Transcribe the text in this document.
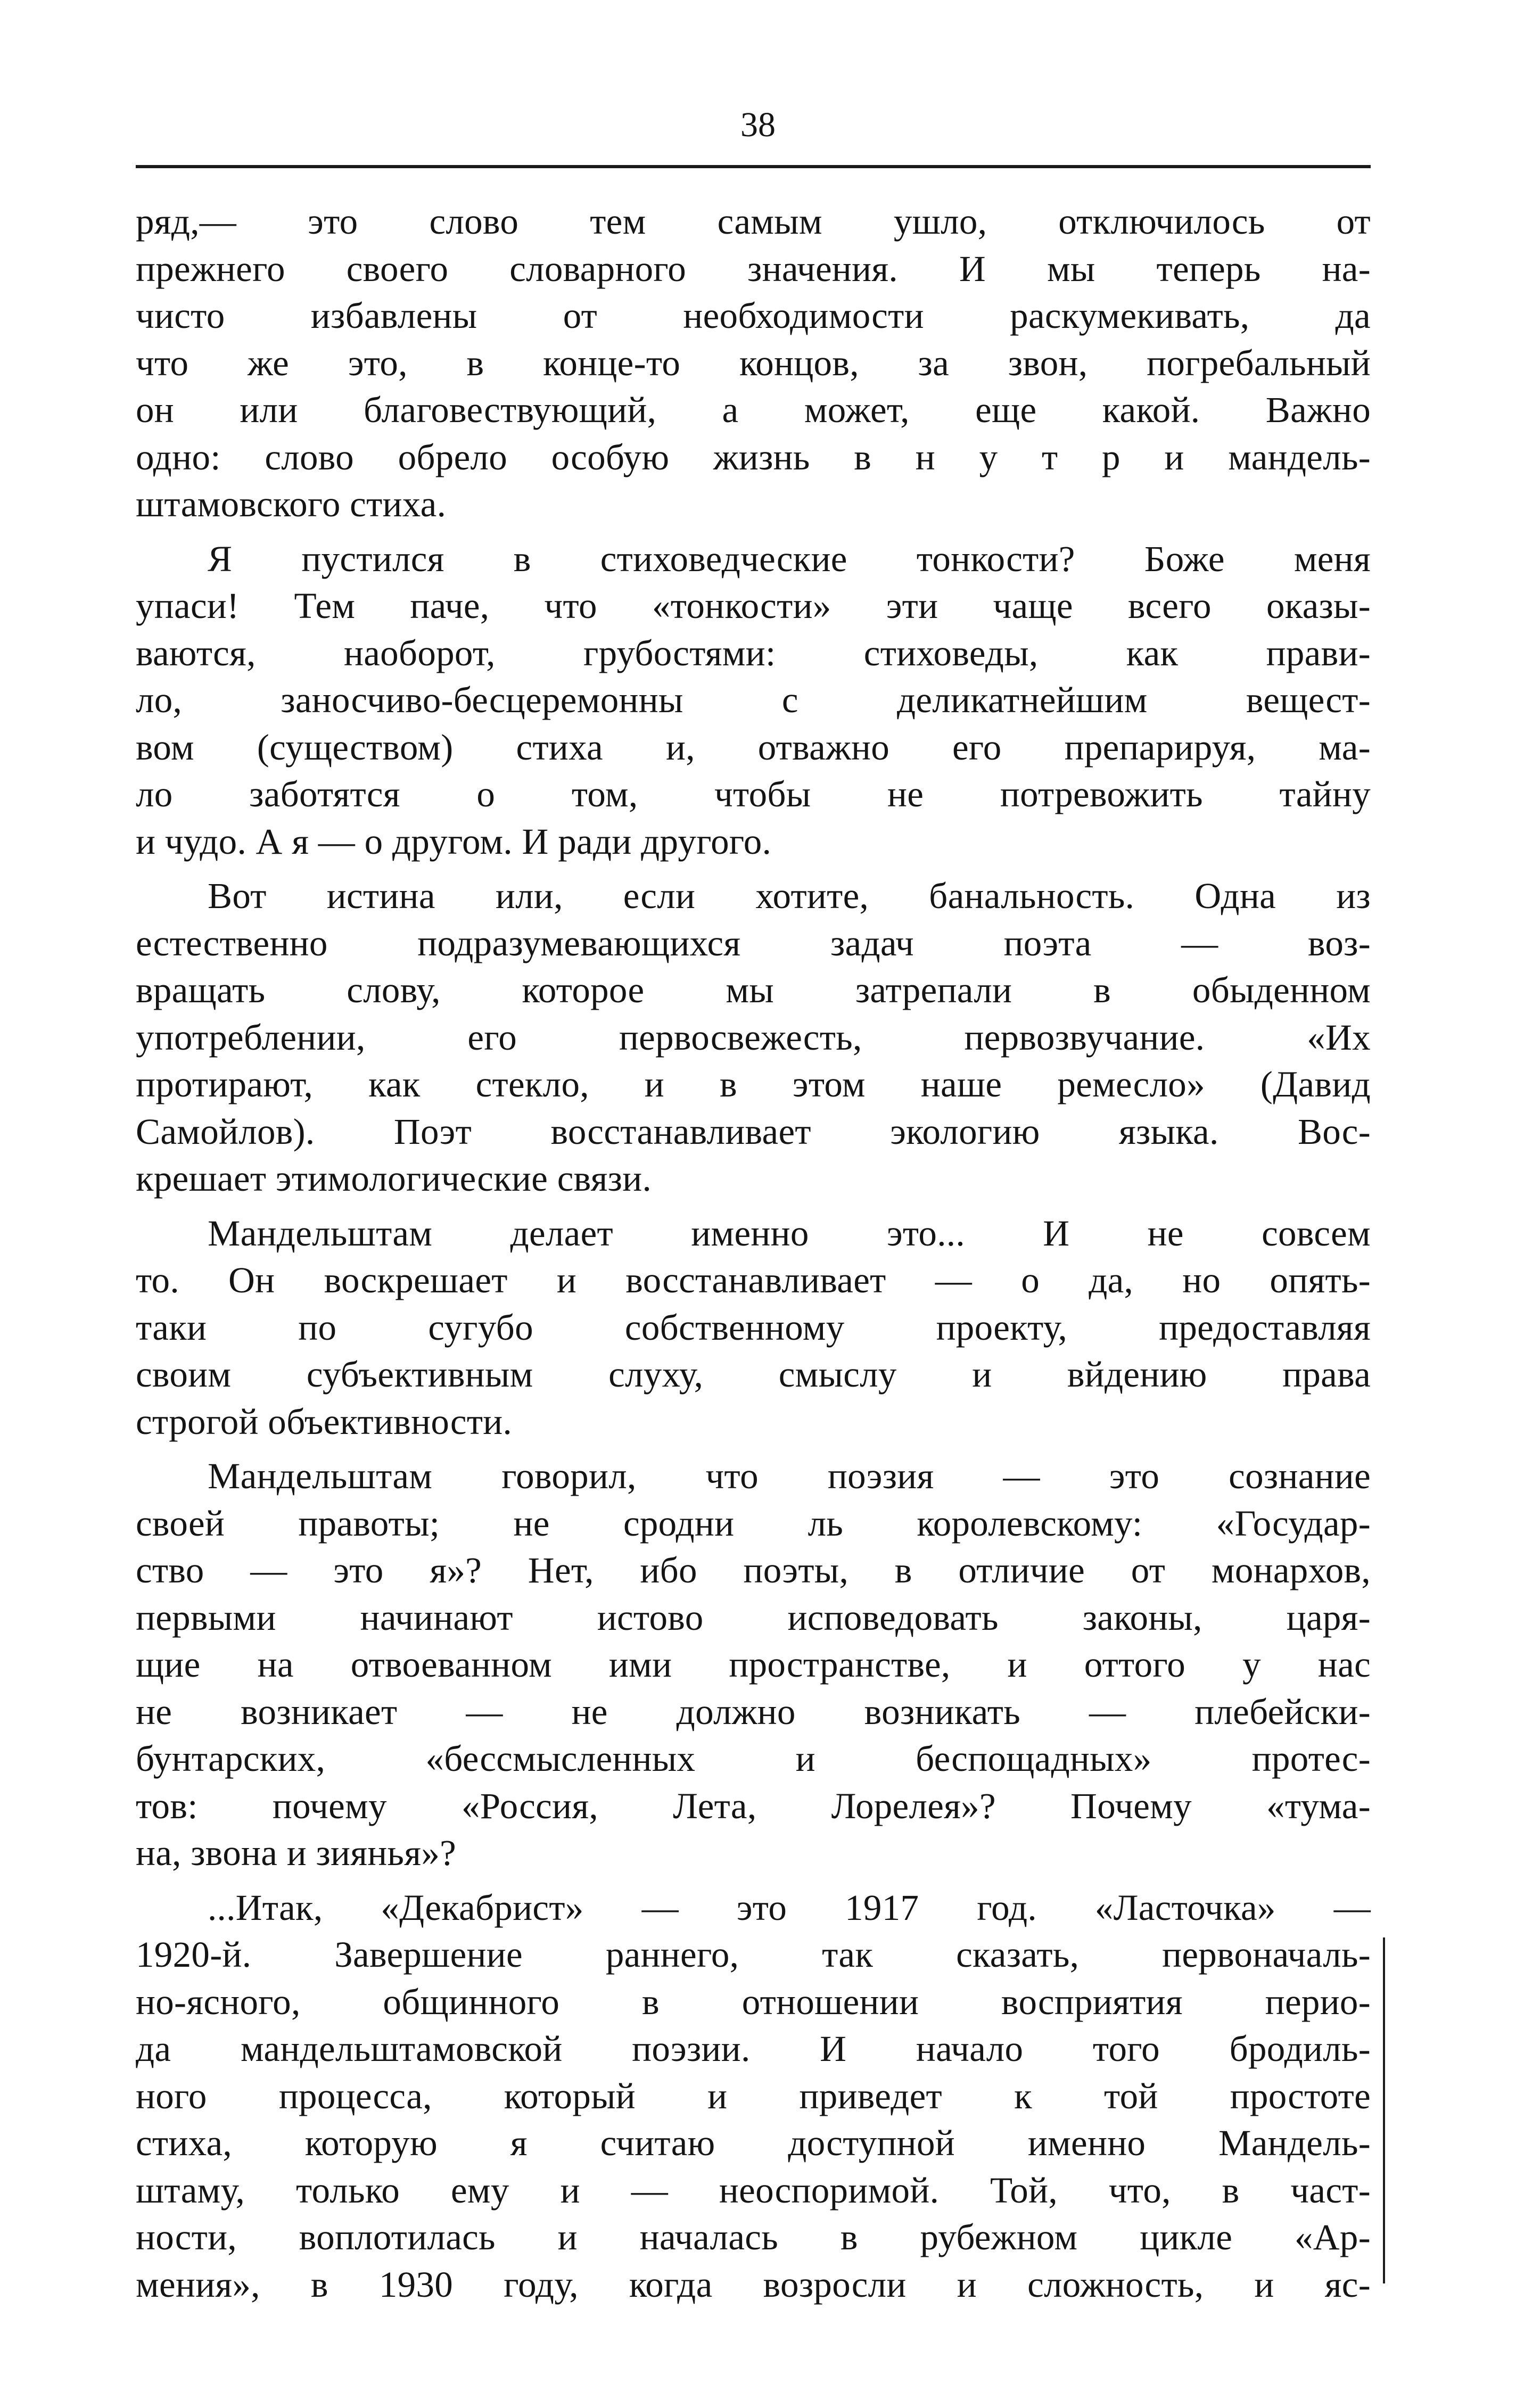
38
ряд,— это слово тем самым ушло, отключилось от
прежнего своего словарного значения. И мы теперь на-
чисто избавлены от необходимости раскумекивать, да
что же это, в конце-то концов, за звон, погребальный
он или благовествующий, а может, еще какой. Важно
одно: слово обрело особую жизнь в н у т р и мандель-
штамовского стиха.
Я пустился в стиховедческие тонкости? Боже меня
упаси! Тем паче, что «тонкости» эти чаще всего оказы-
ваются, наоборот, грубостями: стиховеды, как прави-
ло, заносчиво-бесцеремонны с деликатнейшим вещест-
вом (существом) стиха и, отважно его препарируя, ма-
ло заботятся о том, чтобы не потревожить тайну
и чудо. А я — о другом. И ради другого.
Вот истина или, если хотите, банальность. Одна из
естественно подразумевающихся задач поэта — воз-
вращать слову, которое мы затрепали в обыденном
употреблении, его первосвежесть, первозвучание. «Их
протирают, как стекло, и в этом наше ремесло» (Давид
Самойлов). Поэт восстанавливает экологию языка. Вос-
крешает этимологические связи.
Мандельштам делает именно это... И не совсем
то. Он воскрешает и восстанавливает — о да, но опять-
таки по сугубо собственному проекту, предоставляя
своим субъективным слуху, смыслу и вйдению права
строгой объективности.
Мандельштам говорил, что поэзия — это сознание
своей правоты; не сродни ль королевскому: «Государ-
ство — это я»? Нет, ибо поэты, в отличие от монархов,
первыми начинают истово исповедовать законы, царя-
щие на отвоеванном ими пространстве, и оттого у нас
не возникает — не должно возникать — плебейски-
бунтарских, «бессмысленных и беспощадных» протес-
тов: почему «Россия, Лета, Лорелея»? Почему «тума-
на, звона и зиянья»?
...Итак, «Декабрист» — это 1917 год. «Ласточка» —
1920-й. Завершение раннего, так сказать, первоначаль-
но-ясного, общинного в отношении восприятия перио-
да мандельштамовской поэзии. И начало того бродиль-
ного процесса, который и приведет к той простоте
стиха, которую я считаю доступной именно Мандель-
штаму, только ему и — неоспоримой. Той, что, в част-
ности, воплотилась и началась в рубежном цикле «Ар-
мения», в 1930 году, когда возросли и сложность, и яс-
